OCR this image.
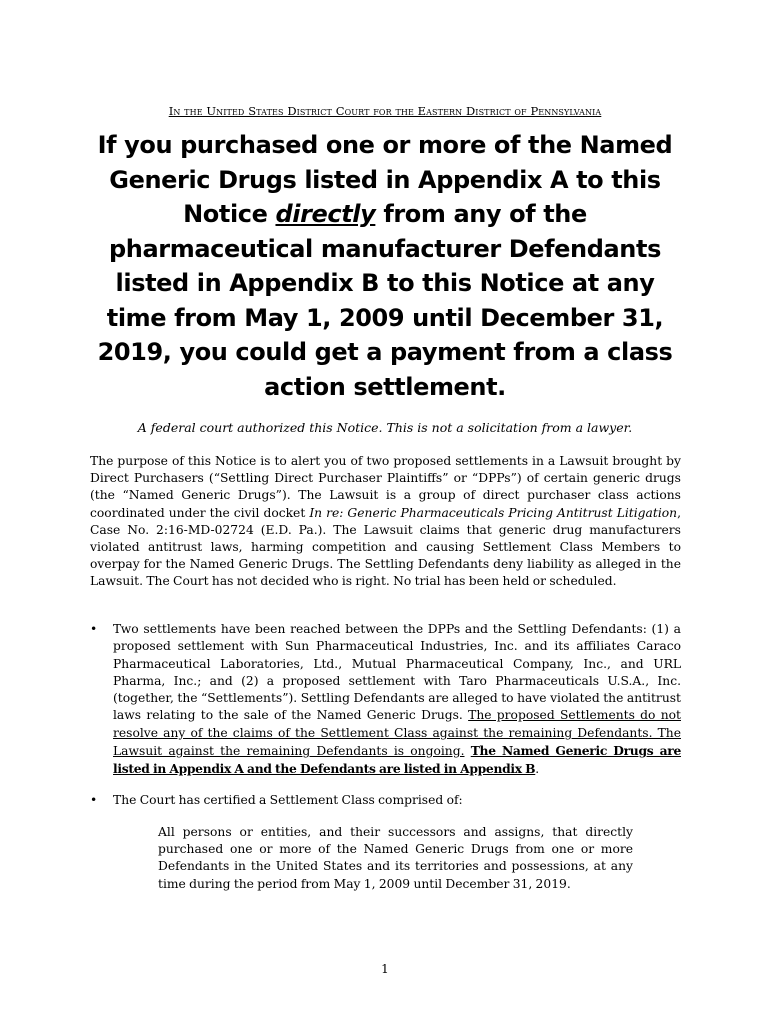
In the United States District Court for the Eastern District of Pennsylvania
If you purchased one or more of the Named Generic Drugs listed in Appendix A to this Notice directly from any of the pharmaceutical manufacturer Defendants listed in Appendix B to this Notice at any time from May 1, 2009 until December 31, 2019, you could get a payment from a class action settlement.
A federal court authorized this Notice. This is not a solicitation from a lawyer.
The purpose of this Notice is to alert you of two proposed settlements in a Lawsuit brought by Direct Purchasers (“Settling Direct Purchaser Plaintiffs” or “DPPs”) of certain generic drugs (the “Named Generic Drugs”). The Lawsuit is a group of direct purchaser class actions coordinated under the civil docket In re: Generic Pharmaceuticals Pricing Antitrust Litigation, Case No. 2:16-MD-02724 (E.D. Pa.). The Lawsuit claims that generic drug manufacturers violated antitrust laws, harming competition and causing Settlement Class Members to overpay for the Named Generic Drugs. The Settling Defendants deny liability as alleged in the Lawsuit. The Court has not decided who is right. No trial has been held or scheduled.
•	Two settlements have been reached between the DPPs and the Settling Defendants: (1) a proposed settlement with Sun Pharmaceutical Industries, Inc. and its affiliates Caraco Pharmaceutical Laboratories, Ltd., Mutual Pharmaceutical Company, Inc., and URL Pharma, Inc.; and (2) a proposed settlement with Taro Pharmaceuticals U.S.A., Inc. (together, the “Settlements”). Settling Defendants are alleged to have violated the antitrust laws relating to the sale of the Named Generic Drugs. The proposed Settlements do not resolve any of the claims of the Settlement Class against the remaining Defendants. The Lawsuit against the remaining Defendants is ongoing. The Named Generic Drugs are listed in Appendix A and the Defendants are listed in Appendix B.
•	The Court has certified a Settlement Class comprised of:
All persons or entities, and their successors and assigns, that directly purchased one or more of the Named Generic Drugs from one or more Defendants in the United States and its territories and possessions, at any time during the period from May 1, 2009 until December 31, 2019.
1
